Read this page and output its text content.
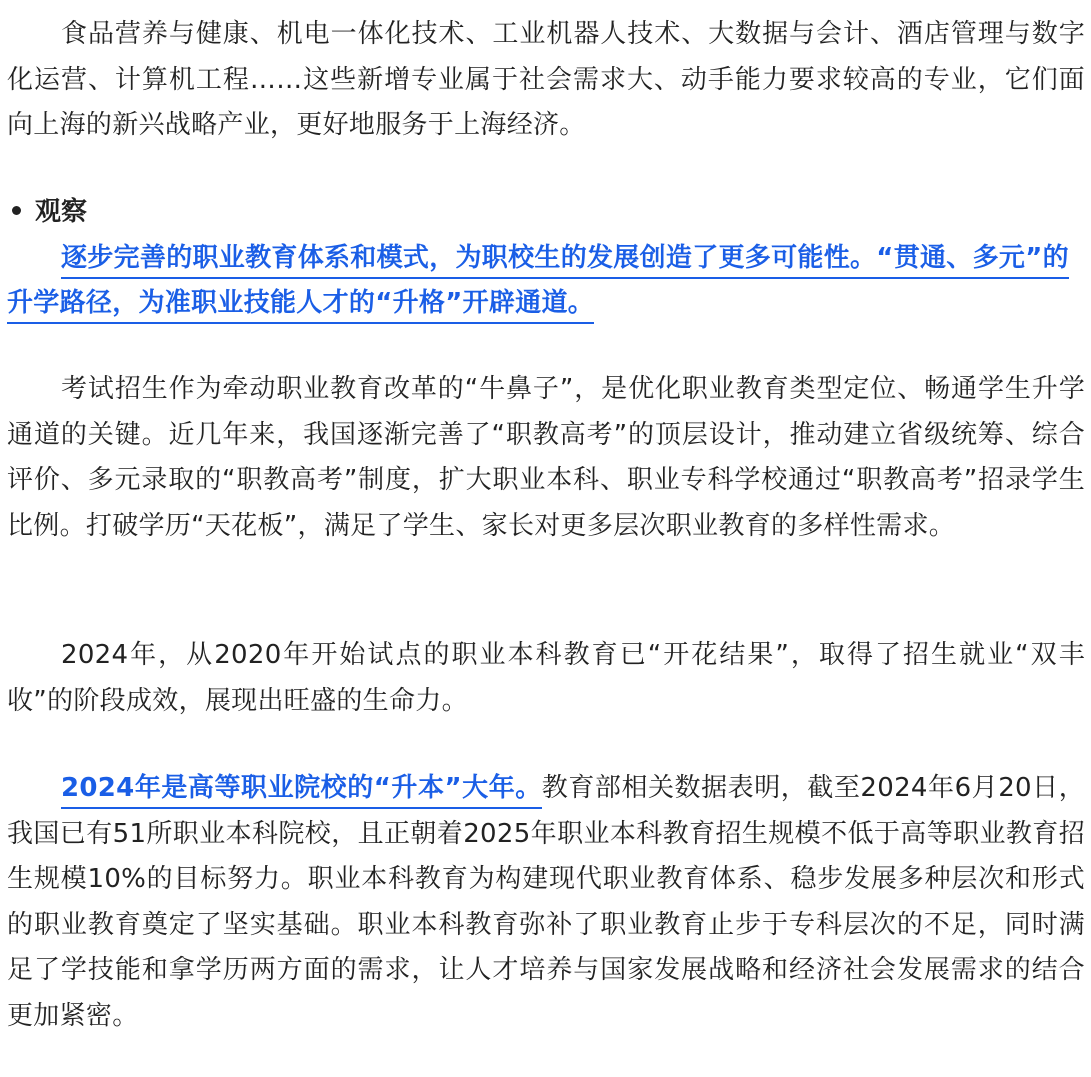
食品营养与健康、机电一体化技术、工业机器人技术、大数据与会计、酒店管理与数字化运营、计算机工程……这些新增专业属于社会需求大、动手能力要求较高的专业，它们面向上海的新兴战略产业，更好地服务于上海经济。

观察

逐步完善的职业教育体系和模式，为职校生的发展创造了更多可能性。“贯通、多元”的升学路径，为准职业技能人才的“升格”开辟通道。

考试招生作为牵动职业教育改革的“牛鼻子”，是优化职业教育类型定位、畅通学生升学通道的关键。近几年来，我国逐渐完善了“职教高考”的顶层设计，推动建立省级统筹、综合评价、多元录取的“职教高考”制度，扩大职业本科、职业专科学校通过“职教高考”招录学生比例。打破学历“天花板”，满足了学生、家长对更多层次职业教育的多样性需求。

2024年，从2020年开始试点的职业本科教育已“开花结果”，取得了招生就业“双丰收”的阶段成效，展现出旺盛的生命力。

2024年是高等职业院校的“升本”大年。教育部相关数据表明，截至2024年6月20日，我国已有51所职业本科院校，且正朝着2025年职业本科教育招生规模不低于高等职业教育招生规模10%的目标努力。职业本科教育为构建现代职业教育体系、稳步发展多种层次和形式的职业教育奠定了坚实基础。职业本科教育弥补了职业教育止步于专科层次的不足，同时满足了学技能和拿学历两方面的需求，让人才培养与国家发展战略和经济社会发展需求的结合更加紧密。
